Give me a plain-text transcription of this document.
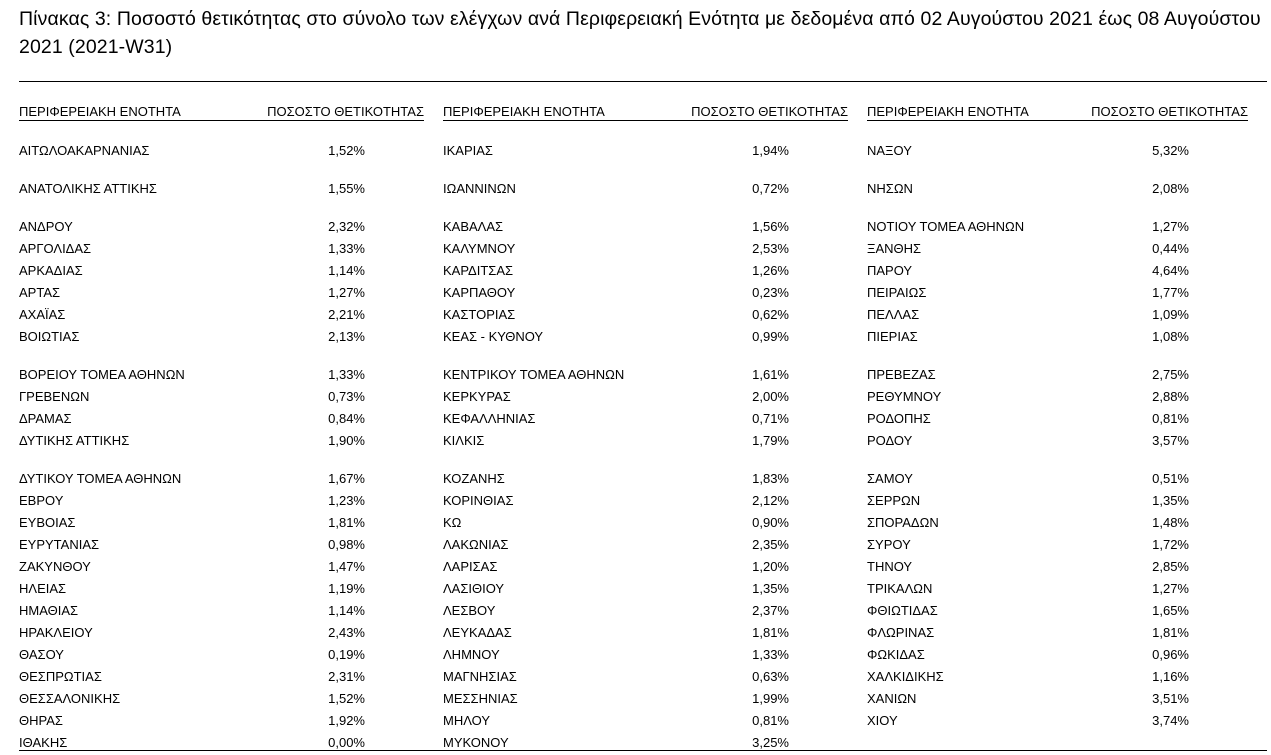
Πίνακας 3: Ποσοστό θετικότητας στο σύνολο των ελέγχων ανά Περιφερειακή Ενότητα με δεδομένα από 02 Αυγούστου 2021 έως 08 Αυγούστου 2021 (2021-W31)
ΠΕΡΙΦΕΡΕΙΑΚΗ ΕΝΟΤΗΤΑ	ΠΟΣΟΣΤΟ ΘΕΤΙΚΟΤΗΤΑΣ ΠΕΡΙΦΕΡΕΙΑΚΗ ΕΝΟΤΗΤΑ	ΠΟΣΟΣΤΟ ΘΕΤΙΚΟΤΗΤΑΣ ΠΕΡΙΦΕΡΕΙΑΚΗ ΕΝΟΤΗΤΑ	ΠΟΣΟΣΤΟ ΘΕΤΙΚΟΤΗΤΑΣ
ΑΙΤΩΛΟΑΚΑΡΝΑΝΙΑΣ	1,52%
ΑΝΑΤΟΛΙΚΗΣ ΑΤΤΙΚΗΣ	1,55%
ΑΝΔΡΟΥ	2,32%
ΑΡΓΟΛΙΔΑΣ	1,33%
ΑΡΚΑΔΙΑΣ	1,14%
ΑΡΤΑΣ	1,27%
ΑΧΑΪΑΣ	2,21%
ΒΟΙΩΤΙΑΣ	2,13%
ΒΟΡΕΙΟΥ ΤΟΜΕΑ ΑΘΗΝΩΝ	1,33%
ΓΡΕΒΕΝΩΝ	0,73%
ΔΡΑΜΑΣ	0,84%
ΔΥΤΙΚΗΣ ΑΤΤΙΚΗΣ	1,90%
ΔΥΤΙΚΟΥ ΤΟΜΕΑ ΑΘΗΝΩΝ	1,67%
ΕΒΡΟΥ	1,23%
ΕΥΒΟΙΑΣ	1,81%
ΕΥΡΥΤΑΝΙΑΣ	0,98%
ΖΑΚΥΝΘΟΥ	1,47%
ΗΛΕΙΑΣ	1,19%
ΗΜΑΘΙΑΣ	1,14%
ΗΡΑΚΛΕΙΟΥ	2,43%
ΘΑΣΟΥ	0,19%
ΘΕΣΠΡΩΤΙΑΣ	2,31%
ΘΕΣΣΑΛΟΝΙΚΗΣ	1,52%
ΘΗΡΑΣ	1,92%
ΙΘΑΚΗΣ	0,00%
ΙΚΑΡΙΑΣ	1,94%
ΙΩΑΝΝΙΝΩΝ	0,72%
ΚΑΒΑΛΑΣ	1,56%
ΚΑΛΥΜΝΟΥ	2,53%
ΚΑΡΔΙΤΣΑΣ	1,26%
ΚΑΡΠΑΘΟΥ	0,23%
ΚΑΣΤΟΡΙΑΣ	0,62%
ΚΕΑΣ - ΚΥΘΝΟΥ	0,99%
ΚΕΝΤΡΙΚΟΥ ΤΟΜΕΑ ΑΘΗΝΩΝ	1,61%
ΚΕΡΚΥΡΑΣ	2,00%
ΚΕΦΑΛΛΗΝΙΑΣ	0,71%
ΚΙΛΚΙΣ	1,79%
ΚΟΖΑΝΗΣ	1,83%
ΚΟΡΙΝΘΙΑΣ	2,12%
ΚΩ	0,90%
ΛΑΚΩΝΙΑΣ	2,35%
ΛΑΡΙΣΑΣ	1,20%
ΛΑΣΙΘΙΟΥ	1,35%
ΛΕΣΒΟΥ	2,37%
ΛΕΥΚΑΔΑΣ	1,81%
ΛΗΜΝΟΥ	1,33%
ΜΑΓΝΗΣΙΑΣ	0,63%
ΜΕΣΣΗΝΙΑΣ	1,99%
ΜΗΛΟΥ	0,81%
ΜΥΚΟΝΟΥ	3,25%
ΝΑΞΟΥ	5,32%
ΝΗΣΩΝ	2,08%
ΝΟΤΙΟΥ ΤΟΜΕΑ ΑΘΗΝΩΝ	1,27%
ΞΑΝΘΗΣ	0,44%
ΠΑΡΟΥ	4,64%
ΠΕΙΡΑΙΩΣ	1,77%
ΠΕΛΛΑΣ	1,09%
ΠΙΕΡΙΑΣ	1,08%
ΠΡΕΒΕΖΑΣ	2,75%
ΡΕΘΥΜΝΟΥ	2,88%
ΡΟΔΟΠΗΣ	0,81%
ΡΟΔΟΥ	3,57%
ΣΑΜΟΥ	0,51%
ΣΕΡΡΩΝ	1,35%
ΣΠΟΡΑΔΩΝ	1,48%
ΣΥΡΟΥ	1,72%
ΤΗΝΟΥ	2,85%
ΤΡΙΚΑΛΩΝ	1,27%
ΦΘΙΩΤΙΔΑΣ	1,65%
ΦΛΩΡΙΝΑΣ	1,81%
ΦΩΚΙΔΑΣ	0,96%
ΧΑΛΚΙΔΙΚΗΣ	1,16%
ΧΑΝΙΩΝ	3,51%
ΧΙΟΥ	3,74%
